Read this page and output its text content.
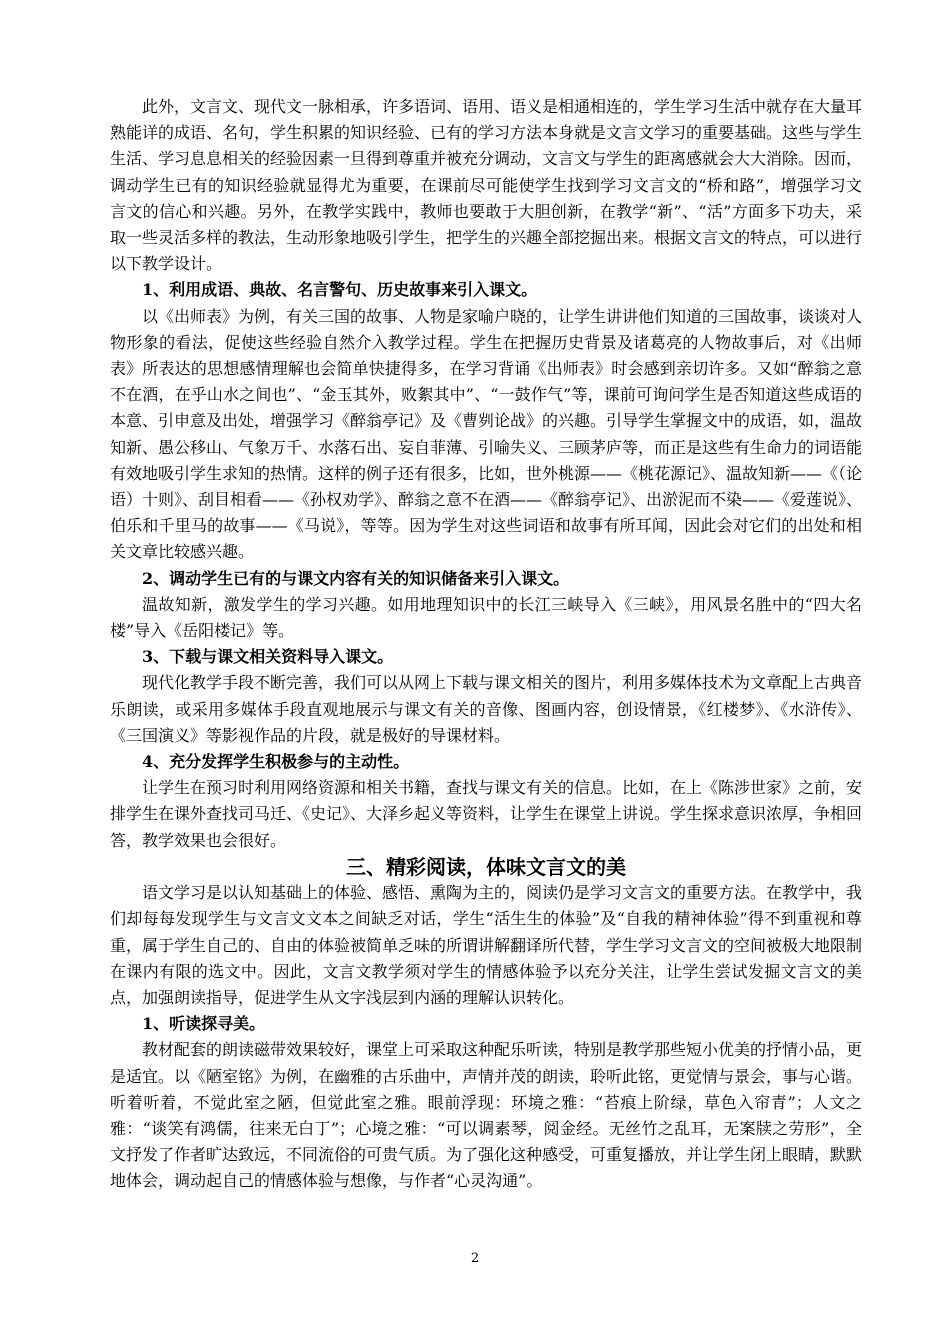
此外，文言文、现代文一脉相承，许多语词、语用、语义是相通相连的，学生学习生活中就存在大量耳熟能详的成语、名句，学生积累的知识经验、已有的学习方法本身就是文言文学习的重要基础。这些与学生生活、学习息息相关的经验因素一旦得到尊重并被充分调动，文言文与学生的距离感就会大大消除。因而，调动学生已有的知识经验就显得尤为重要，在课前尽可能使学生找到学习文言文的“桥和路”，增强学习文言文的信心和兴趣。另外，在教学实践中，教师也要敢于大胆创新，在教学“新”、“活”方面多下功夫，采取一些灵活多样的教法，生动形象地吸引学生，把学生的兴趣全部挖掘出来。根据文言文的特点，可以进行以下教学设计。

1、利用成语、典故、名言警句、历史故事来引入课文。

以《出师表》为例，有关三国的故事、人物是家喻户晓的，让学生讲讲他们知道的三国故事，谈谈对人物形象的看法，促使这些经验自然介入教学过程。学生在把握历史背景及诸葛亮的人物故事后，对《出师表》所表达的思想感情理解也会简单快捷得多，在学习背诵《出师表》时会感到亲切许多。又如“醉翁之意不在酒，在乎山水之间也”、“金玉其外，败絮其中”、“一鼓作气”等，课前可询问学生是否知道这些成语的本意、引申意及出处，增强学习《醉翁亭记》及《曹刿论战》的兴趣。引导学生掌握文中的成语，如，温故知新、愚公移山、气象万千、水落石出、妄自菲薄、引喻失义、三顾茅庐等，而正是这些有生命力的词语能有效地吸引学生求知的热情。这样的例子还有很多，比如，世外桃源——《桃花源记》、温故知新——《（论语）十则》、刮目相看——《孙权劝学》、醉翁之意不在酒——《醉翁亭记》、出淤泥而不染——《爱莲说》、伯乐和千里马的故事——《马说》，等等。因为学生对这些词语和故事有所耳闻，因此会对它们的出处和相关文章比较感兴趣。

2、调动学生已有的与课文内容有关的知识储备来引入课文。

温故知新，激发学生的学习兴趣。如用地理知识中的长江三峡导入《三峡》，用风景名胜中的“四大名楼”导入《岳阳楼记》等。

3、下载与课文相关资料导入课文。

现代化教学手段不断完善，我们可以从网上下载与课文相关的图片，利用多媒体技术为文章配上古典音乐朗读，或采用多媒体手段直观地展示与课文有关的音像、图画内容，创设情景，《红楼梦》、《水浒传》、《三国演义》等影视作品的片段，就是极好的导课材料。

4、充分发挥学生积极参与的主动性。

让学生在预习时利用网络资源和相关书籍，查找与课文有关的信息。比如，在上《陈涉世家》之前，安排学生在课外查找司马迁、《史记》、大泽乡起义等资料，让学生在课堂上讲说。学生探求意识浓厚，争相回答，教学效果也会很好。

三、精彩阅读，体味文言文的美

语文学习是以认知基础上的体验、感悟、熏陶为主的，阅读仍是学习文言文的重要方法。在教学中，我们却每每发现学生与文言文文本之间缺乏对话，学生“活生生的体验”及“自我的精神体验”得不到重视和尊重，属于学生自己的、自由的体验被简单乏味的所谓讲解翻译所代替，学生学习文言文的空间被极大地限制在课内有限的选文中。因此，文言文教学须对学生的情感体验予以充分关注，让学生尝试发掘文言文的美点，加强朗读指导，促进学生从文字浅层到内涵的理解认识转化。

1、听读探寻美。

教材配套的朗读磁带效果较好，课堂上可采取这种配乐听读，特别是教学那些短小优美的抒情小品，更是适宜。以《陋室铭》为例，在幽雅的古乐曲中，声情并茂的朗读，聆听此铭，更觉情与景会，事与心谐。听着听着，不觉此室之陋，但觉此室之雅。眼前浮现：环境之雅：“苔痕上阶绿，草色入帘青”；人文之雅：“谈笑有鸿儒，往来无白丁”；心境之雅：“可以调素琴，阅金经。无丝竹之乱耳，无案牍之劳形”，全文抒发了作者旷达致远，不同流俗的可贵气质。为了强化这种感受，可重复播放，并让学生闭上眼睛，默默地体会，调动起自己的情感体验与想像，与作者“心灵沟通”。

2
